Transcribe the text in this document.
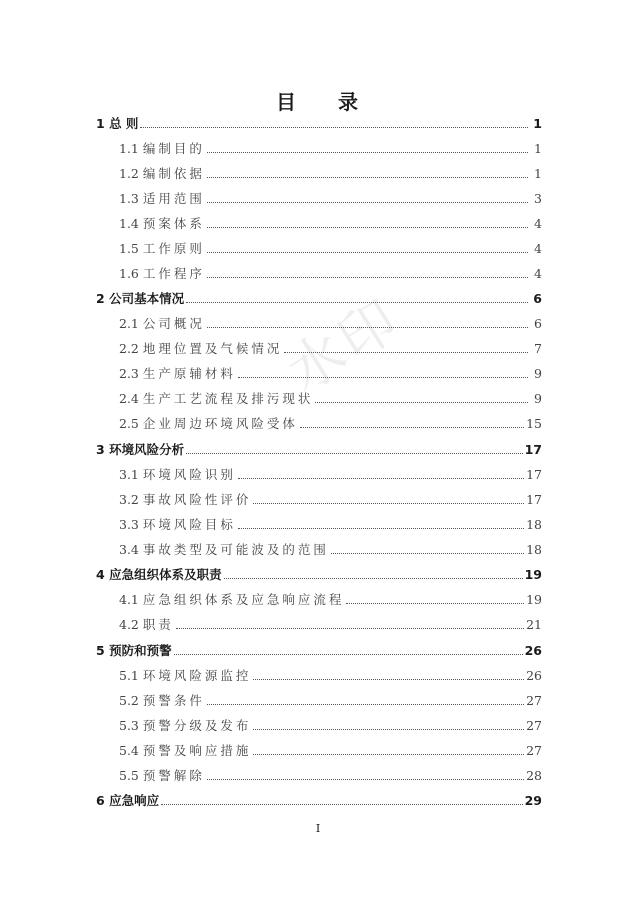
目 录
水印
1 总 则	1
1.1 编制目的	1
1.2 编制依据	1
1.3 适用范围	3
1.4 预案体系	4
1.5 工作原则	4
1.6 工作程序	4
2 公司基本情况	6
2.1 公司概况	6
2.2 地理位置及气候情况	7
2.3 生产原辅材料	9
2.4 生产工艺流程及排污现状	9
2.5 企业周边环境风险受体	15
3 环境风险分析	17
3.1 环境风险识别	17
3.2 事故风险性评价	17
3.3 环境风险目标	18
3.4 事故类型及可能波及的范围	18
4 应急组织体系及职责	19
4.1 应急组织体系及应急响应流程	19
4.2 职责	21
5 预防和预警	26
5.1 环境风险源监控	26
5.2 预警条件	27
5.3 预警分级及发布	27
5.4 预警及响应措施	27
5.5 预警解除	28
6 应急响应	29
I
